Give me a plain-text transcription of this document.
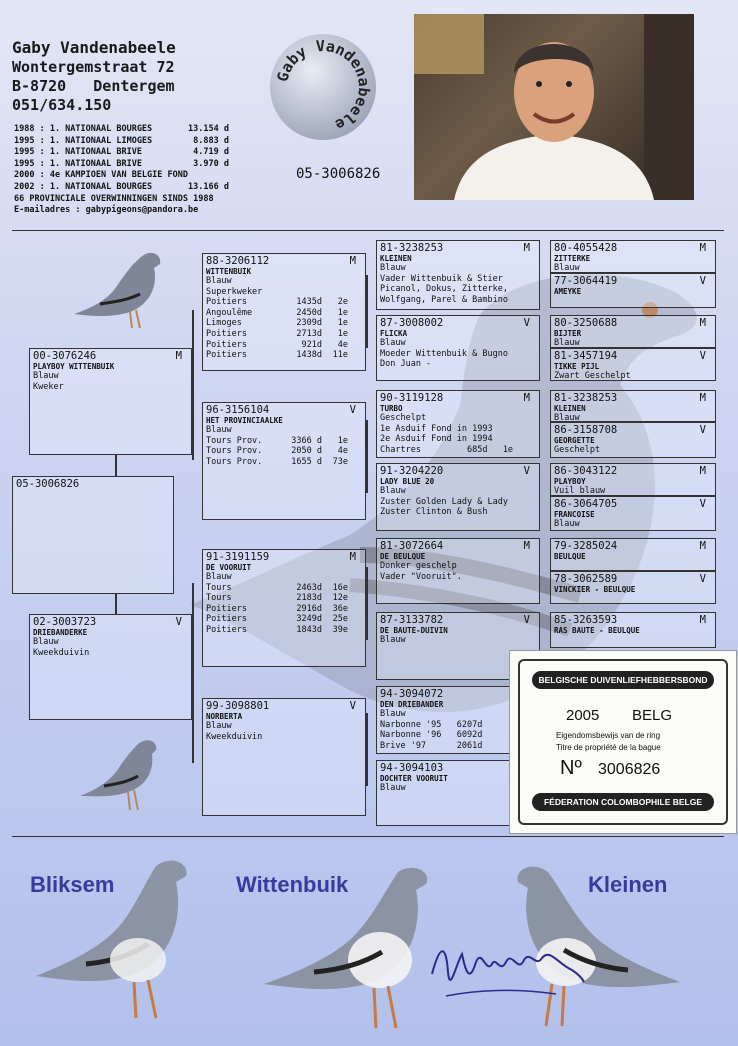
Gaby Vandenabeele
Wontergemstraat 72
B-8720   Dentergem
051/634.150
Gaby Vandenabeele
1988 : 1. NATIONAAL BOURGES       13.154 d
1995 : 1. NATIONAAL LIMOGES        8.883 d
1995 : 1. NATIONAAL BRIVE          4.719 d
1995 : 1. NATIONAAL BRIVE          3.970 d
2000 : 4e KAMPIOEN VAN BELGIE FOND
2002 : 1. NATIONAAL BOURGES       13.166 d
66 PROVINCIALE OVERWINNINGEN SINDS 1988
E-mailadres : gabypigeons@pandora.be
05-3006826
05-3006826
00-3076246	M
PLAYBOY WITTENBUIK
Blauw
Kweker
02-3003723	V
DRIEBANDERKE
Blauw
Kweekduivin
88-3206112	M
WITTENBUIK
Blauw
Superkweker
Poitiers	1435d	2e
Angoulême	2450d	1e
Limoges	2309d	1e
Poitiers	2713d	1e
Poitiers	921d	4e
Poitiers	1438d	11e
96-3156104	V
HET PROVINCIAALKE
Blauw
Tours Prov.	3366 d	1e
Tours Prov.	2050 d	4e
Tours Prov.	1655 d	73e
91-3191159	M
DE VOORUIT
Blauw
Tours	2463d	16e
Tours	2183d	12e
Poitiers	2916d	36e
Poitiers	3249d	25e
Poitiers	1843d	39e
99-3098801	V
NORBERTA
Blauw
Kweekduivin
81-3238253	M
KLEINEN
Blauw
Vader Wittenbuik & Stier
Picanol, Dokus, Zitterke,
Wolfgang, Parel & Bambino
87-3008002	V
FLICKA
Blauw
Moeder Wittenbuik & Bugno
Don Juan -
90-3119128	M
TURBO
Geschelpt
1e Asduif Fond in 1993
2e Asduif Fond in 1994
Chartres         685d   1e
91-3204220	V
LADY BLUE 20
Blauw
Zuster Golden Lady & Lady
Zuster Clinton & Bush
81-3072664	M
DE BEULQUE
Donker geschelp
Vader "Vooruit".
87-3133782	V
DE BAUTE-DUIVIN
Blauw
94-3094072
DEN DRIEBANDER
Blauw
Narbonne '95   6207d
Narbonne '96   6092d
Brive '97      2061d
94-3094103
DOCHTER VOORUIT
Blauw
80-4055428	M
ZITTERKE
Blauw
77-3064419	V
AMEYKE
80-3250688	M
BIJTER
Blauw
81-3457194	V
TIKKE PIJL
Zwart Geschelpt
81-3238253	M
KLEINEN
Blauw
86-3158708	V
GEORGETTE
Geschelpt
86-3043122	M
PLAYBOY
Vuil blauw
86-3064705	V
FRANCOISE
Blauw
79-3285024	M
BEULQUE
78-3062589	V
VINCKIER - BEULQUE
85-3263593	M
RAS BAUTE - BEULQUE
BELGISCHE DUIVENLIEFHEBBERSBOND
2005 BELG
Eigendomsbewijs van de ring
Titre de propriété de la bague
Nº 3006826
FÉDERATION COLOMBOPHILE BELGE
Bliksem	Wittenbuik	Kleinen
